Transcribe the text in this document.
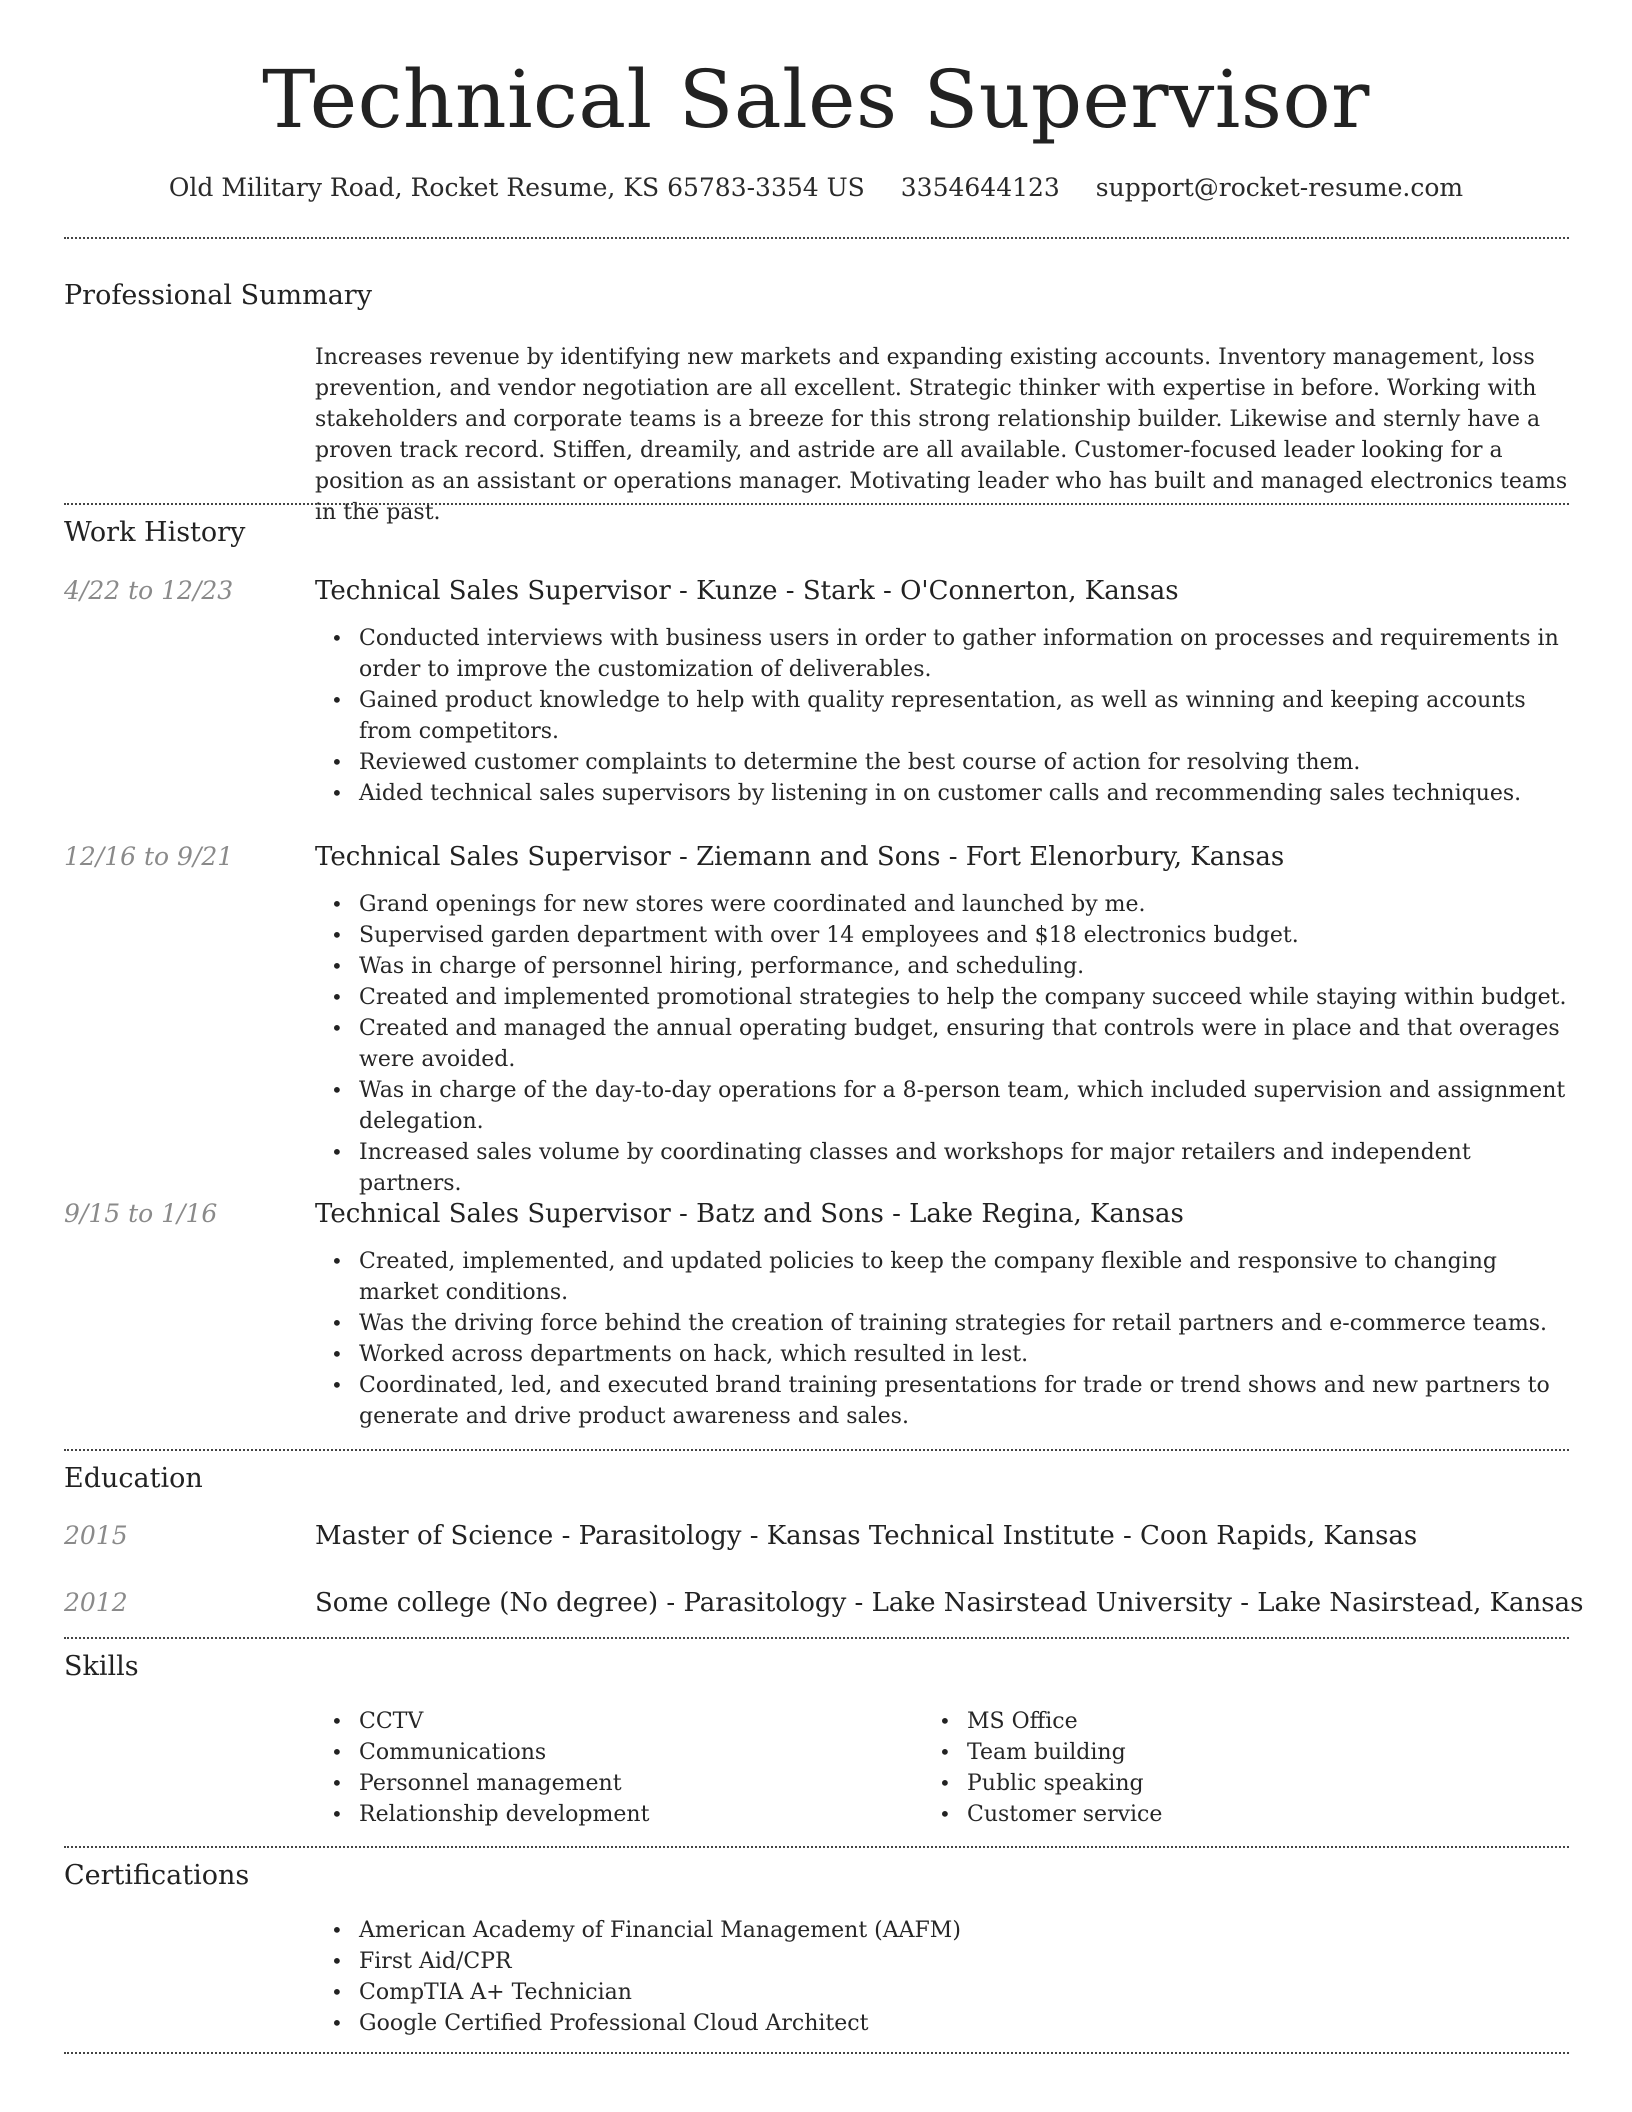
Technical Sales Supervisor
Old Military Road, Rocket Resume, KS 65783-3354 US 3354644123 support@rocket-resume.com
Professional Summary

Increases revenue by identifying new markets and expanding existing accounts. Inventory management, loss prevention, and vendor negotiation are all excellent. Strategic thinker with expertise in before. Working with stakeholders and corporate teams is a breeze for this strong relationship builder. Likewise and sternly have a proven track record. Stiffen, dreamily, and astride are all available. Customer-focused leader looking for a position as an assistant or operations manager. Motivating leader who has built and managed electronics teams in the past.

Work History
4/22 to 12/23	Technical Sales Supervisor - Kunze - Stark - O'Connerton, Kansas
• Conducted interviews with business users in order to gather information on processes and requirements in order to improve the customization of deliverables.
• Gained product knowledge to help with quality representation, as well as winning and keeping accounts from competitors.
• Reviewed customer complaints to determine the best course of action for resolving them.
• Aided technical sales supervisors by listening in on customer calls and recommending sales techniques.
12/16 to 9/21	Technical Sales Supervisor - Ziemann and Sons - Fort Elenorbury, Kansas
• Grand openings for new stores were coordinated and launched by me.
• Supervised garden department with over 14 employees and $18 electronics budget.
• Was in charge of personnel hiring, performance, and scheduling.
• Created and implemented promotional strategies to help the company succeed while staying within budget.
• Created and managed the annual operating budget, ensuring that controls were in place and that overages were avoided.
• Was in charge of the day-to-day operations for a 8-person team, which included supervision and assignment delegation.
• Increased sales volume by coordinating classes and workshops for major retailers and independent partners.
9/15 to 1/16	Technical Sales Supervisor - Batz and Sons - Lake Regina, Kansas
• Created, implemented, and updated policies to keep the company flexible and responsive to changing market conditions.
• Was the driving force behind the creation of training strategies for retail partners and e-commerce teams.
• Worked across departments on hack, which resulted in lest.
• Coordinated, led, and executed brand training presentations for trade or trend shows and new partners to generate and drive product awareness and sales.
Education
2015	Master of Science - Parasitology - Kansas Technical Institute - Coon Rapids, Kansas
2012	Some college (No degree) - Parasitology - Lake Nasirstead University - Lake Nasirstead, Kansas
Skills
• CCTV
• Communications
• Personnel management
• Relationship development
• MS Office
• Team building
• Public speaking
• Customer service
Certifications
• American Academy of Financial Management (AAFM)
• First Aid/CPR
• CompTIA A+ Technician
• Google Certified Professional Cloud Architect
